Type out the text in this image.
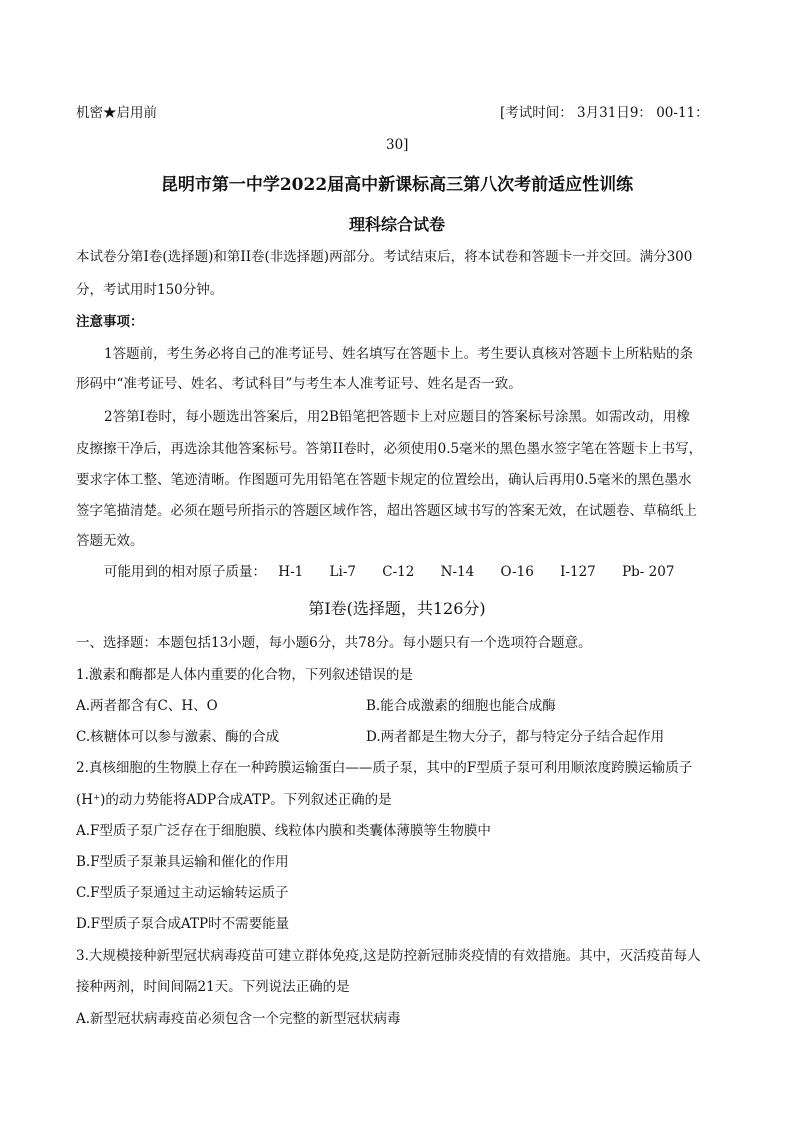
机密★启用前	[考试时间： 3月31日9： 00-11：
30]
昆明市第一中学2022届高中新课标高三第八次考前适应性训练
理科综合试卷
本试卷分第I卷(选择题)和第II卷(非选择题)两部分。考试结束后，将本试卷和答题卡一并交回。满分300
分，考试用时150分钟。
注意事项：
1答题前，考生务必将自己的准考证号、姓名填写在答题卡上。考生要认真核对答题卡上所粘贴的条
形码中“准考证号、姓名、考试科目”与考生本人准考证号、姓名是否一致。
2答第I卷时，每小题选出答案后，用2B铅笔把答题卡上对应题目的答案标号涂黑。如需改动，用橡
皮擦擦干净后，再选涂其他答案标号。答第II卷时，必须使用0.5毫米的黑色墨水签字笔在答题卡上书写，
要求字体工整、笔迹清晰。作图题可先用铅笔在答题卡规定的位置绘出，确认后再用0.5毫米的黑色墨水
签字笔描清楚。必须在题号所指示的答题区域作答，超出答题区域书写的答案无效，在试题卷、草稿纸上
答题无效。
可能用到的相对原子质量： H-1 Li-7 C-12 N-14 O-16 I-127 Pb- 207
第I卷(选择题，共126分)
一、选择题：本题包括13小题，每小题6分，共78分。每小题只有一个选项符合题意。
1.激素和酶都是人体内重要的化合物，下列叙述错误的是
A.两者都含有C、H、O	B.能合成激素的细胞也能合成酶
C.核糖体可以参与激素、酶的合成	D.两者都是生物大分子，都与特定分子结合起作用
2.真核细胞的生物膜上存在一种跨膜运输蛋白——质子泵，其中的F型质子泵可利用顺浓度跨膜运输质子
(H⁺)的动力势能将ADP合成ATP。下列叙述正确的是
A.F型质子泵广泛存在于细胞膜、线粒体内膜和类囊体薄膜等生物膜中
B.F型质子泵兼具运输和催化的作用
C.F型质子泵通过主动运输转运质子
D.F型质子泵合成ATP时不需要能量
3.大规模接种新型冠状病毒疫苗可建立群体免疫,这是防控新冠肺炎疫情的有效措施。其中，灭活疫苗每人
接种两剂，时间间隔21天。下列说法正确的是
A.新型冠状病毒疫苗必须包含一个完整的新型冠状病毒
